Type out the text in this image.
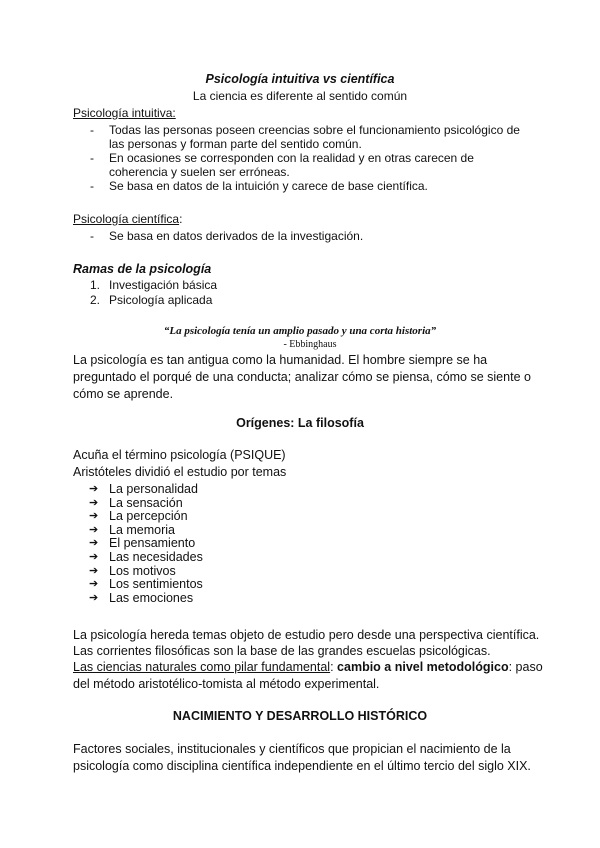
Psicología intuitiva vs científica
La ciencia es diferente al sentido común
Psicología intuitiva:
- Todas las personas poseen creencias sobre el funcionamiento psicológico de las personas y forman parte del sentido común.
- En ocasiones se corresponden con la realidad y en otras carecen de coherencia y suelen ser erróneas.
- Se basa en datos de la intuición y carece de base científica.
Psicología científica:
- Se basa en datos derivados de la investigación.
Ramas de la psicología
1. Investigación básica
2. Psicología aplicada
“La psicología tenía un amplio pasado y una corta historia”
- Ebbinghaus
La psicología es tan antigua como la humanidad. El hombre siempre se ha preguntado el porqué de una conducta; analizar cómo se piensa, cómo se siente o cómo se aprende.
Orígenes: La filosofía
Acuña el término psicología (PSIQUE)
Aristóteles dividió el estudio por temas
➔ La personalidad
➔ La sensación
➔ La percepción
➔ La memoria
➔ El pensamiento
➔ Las necesidades
➔ Los motivos
➔ Los sentimientos
➔ Las emociones
La psicología hereda temas objeto de estudio pero desde una perspectiva científica.
Las corrientes filosóficas son la base de las grandes escuelas psicológicas.
Las ciencias naturales como pilar fundamental: cambio a nivel metodológico: paso del método aristotélico-tomista al método experimental.
NACIMIENTO Y DESARROLLO HISTÓRICO
Factores sociales, institucionales y científicos que propician el nacimiento de la psicología como disciplina científica independiente en el último tercio del siglo XIX.
